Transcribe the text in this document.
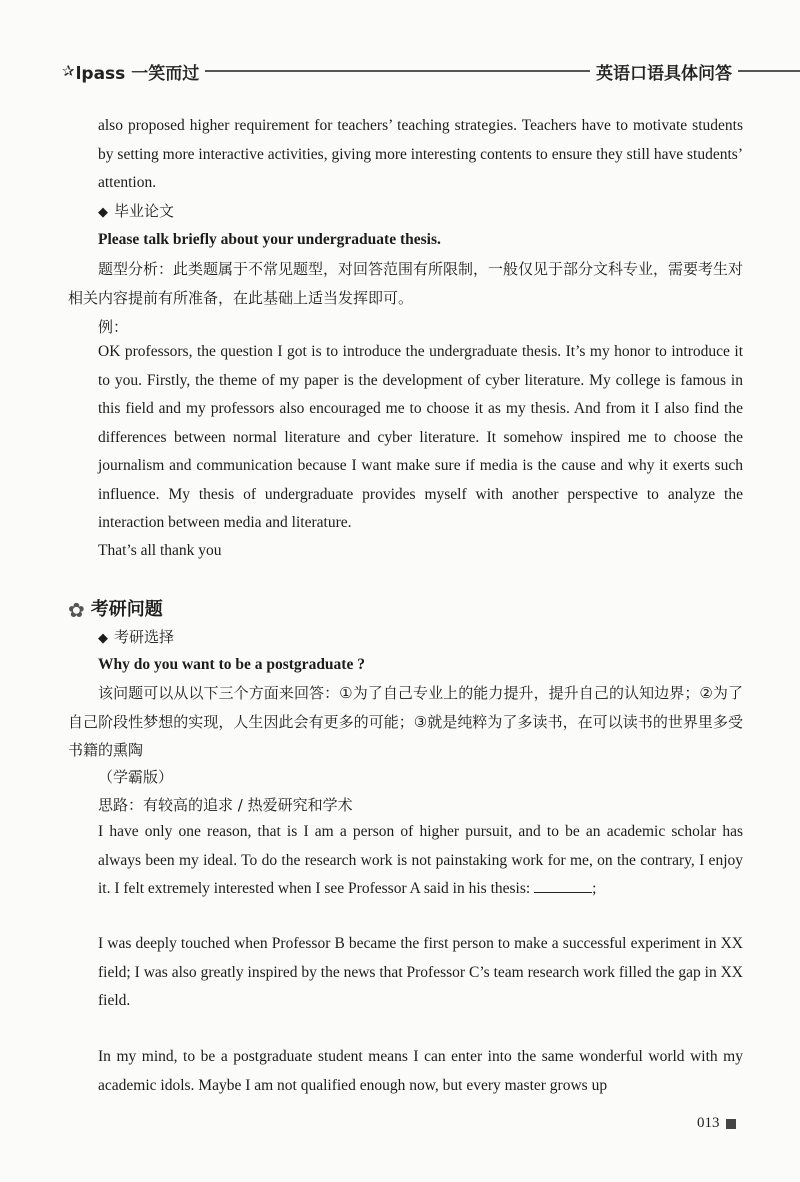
✰ lpass 一笑而过	英语口语具体问答

also proposed higher requirement for teachers’ teaching strategies. Teachers have to motivate students by setting more interactive activities, giving more interesting contents to ensure they still have students’ attention.

◆ 毕业论文

Please talk briefly about your undergraduate thesis.

题型分析：此类题属于不常见题型，对回答范围有所限制，一般仅见于部分文科专业，需要考生对相关内容提前有所准备，在此基础上适当发挥即可。

例：

OK professors, the question I got is to introduce the undergraduate thesis. It’s my honor to introduce it to you. Firstly, the theme of my paper is the development of cyber literature. My college is famous in this field and my professors also encouraged me to choose it as my thesis. And from it I also find the differences between normal literature and cyber literature. It somehow inspired me to choose the journalism and communication because I want make sure if media is the cause and why it exerts such influence. My thesis of undergraduate provides myself with another perspective to analyze the interaction between media and literature.

That’s all thank you

✿ 考研问题

◆ 考研选择

Why do you want to be a postgraduate ?

该问题可以从以下三个方面来回答：①为了自己专业上的能力提升，提升自己的认知边界；②为了自己阶段性梦想的实现，人生因此会有更多的可能；③就是纯粹为了多读书，在可以读书的世界里多受书籍的熏陶

（学霸版）

思路：有较高的追求 / 热爱研究和学术

I have only one reason, that is I am a person of higher pursuit, and to be an academic scholar has always been my ideal. To do the research work is not painstaking work for me, on the contrary, I enjoy it. I felt extremely interested when I see Professor A said in his thesis:	;

I was deeply touched when Professor B became the first person to make a successful experiment in XX field; I was also greatly inspired by the news that Professor C’s team research work filled the gap in XX field.

In my mind, to be a postgraduate student means I can enter into the same wonderful world with my academic idols. Maybe I am not qualified enough now, but every master grows up

013
